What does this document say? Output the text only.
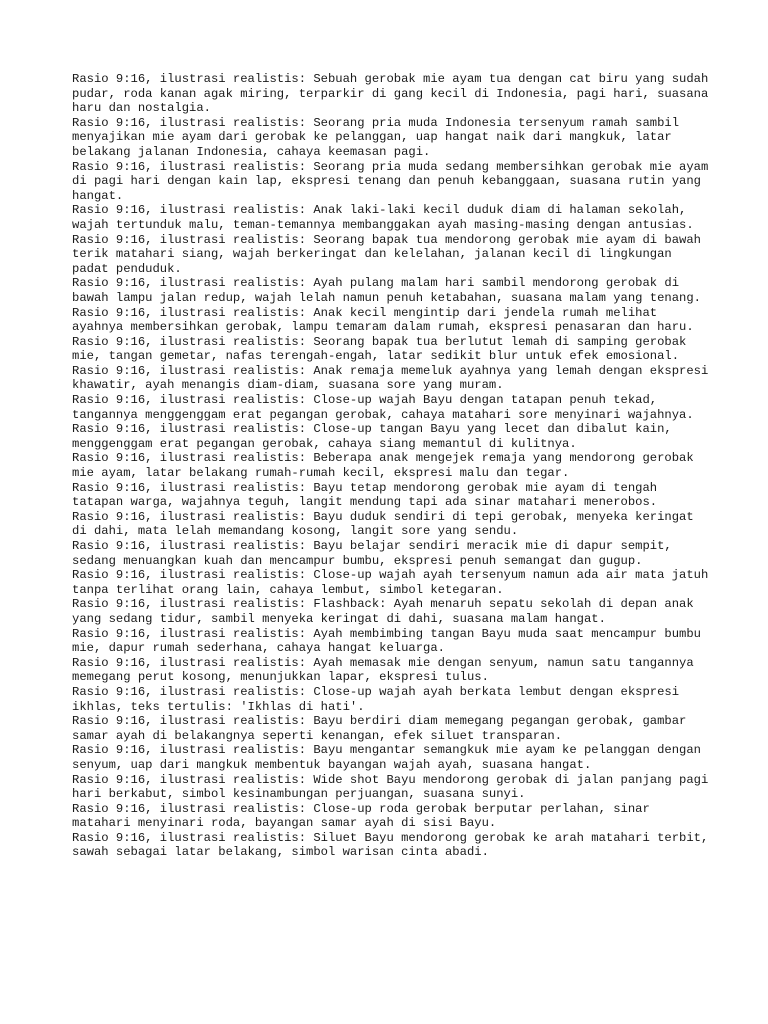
Rasio 9:16, ilustrasi realistis: Sebuah gerobak mie ayam tua dengan cat biru yang sudah pudar, roda kanan agak miring, terparkir di gang kecil di Indonesia, pagi hari, suasana haru dan nostalgia.

Rasio 9:16, ilustrasi realistis: Seorang pria muda Indonesia tersenyum ramah sambil menyajikan mie ayam dari gerobak ke pelanggan, uap hangat naik dari mangkuk, latar belakang jalanan Indonesia, cahaya keemasan pagi.

Rasio 9:16, ilustrasi realistis: Seorang pria muda sedang membersihkan gerobak mie ayam di pagi hari dengan kain lap, ekspresi tenang dan penuh kebanggaan, suasana rutin yang hangat.

Rasio 9:16, ilustrasi realistis: Anak laki-laki kecil duduk diam di halaman sekolah, wajah tertunduk malu, teman-temannya membanggakan ayah masing-masing dengan antusias.

Rasio 9:16, ilustrasi realistis: Seorang bapak tua mendorong gerobak mie ayam di bawah terik matahari siang, wajah berkeringat dan kelelahan, jalanan kecil di lingkungan padat penduduk.

Rasio 9:16, ilustrasi realistis: Ayah pulang malam hari sambil mendorong gerobak di bawah lampu jalan redup, wajah lelah namun penuh ketabahan, suasana malam yang tenang.

Rasio 9:16, ilustrasi realistis: Anak kecil mengintip dari jendela rumah melihat ayahnya membersihkan gerobak, lampu temaram dalam rumah, ekspresi penasaran dan haru.

Rasio 9:16, ilustrasi realistis: Seorang bapak tua berlutut lemah di samping gerobak mie, tangan gemetar, nafas terengah-engah, latar sedikit blur untuk efek emosional.

Rasio 9:16, ilustrasi realistis: Anak remaja memeluk ayahnya yang lemah dengan ekspresi khawatir, ayah menangis diam-diam, suasana sore yang muram.

Rasio 9:16, ilustrasi realistis: Close-up wajah Bayu dengan tatapan penuh tekad, tangannya menggenggam erat pegangan gerobak, cahaya matahari sore menyinari wajahnya.

Rasio 9:16, ilustrasi realistis: Close-up tangan Bayu yang lecet dan dibalut kain, menggenggam erat pegangan gerobak, cahaya siang memantul di kulitnya.

Rasio 9:16, ilustrasi realistis: Beberapa anak mengejek remaja yang mendorong gerobak mie ayam, latar belakang rumah-rumah kecil, ekspresi malu dan tegar.

Rasio 9:16, ilustrasi realistis: Bayu tetap mendorong gerobak mie ayam di tengah tatapan warga, wajahnya teguh, langit mendung tapi ada sinar matahari menerobos.

Rasio 9:16, ilustrasi realistis: Bayu duduk sendiri di tepi gerobak, menyeka keringat di dahi, mata lelah memandang kosong, langit sore yang sendu.

Rasio 9:16, ilustrasi realistis: Bayu belajar sendiri meracik mie di dapur sempit, sedang menuangkan kuah dan mencampur bumbu, ekspresi penuh semangat dan gugup.

Rasio 9:16, ilustrasi realistis: Close-up wajah ayah tersenyum namun ada air mata jatuh tanpa terlihat orang lain, cahaya lembut, simbol ketegaran.

Rasio 9:16, ilustrasi realistis: Flashback: Ayah menaruh sepatu sekolah di depan anak yang sedang tidur, sambil menyeka keringat di dahi, suasana malam hangat.

Rasio 9:16, ilustrasi realistis: Ayah membimbing tangan Bayu muda saat mencampur bumbu mie, dapur rumah sederhana, cahaya hangat keluarga.

Rasio 9:16, ilustrasi realistis: Ayah memasak mie dengan senyum, namun satu tangannya memegang perut kosong, menunjukkan lapar, ekspresi tulus.

Rasio 9:16, ilustrasi realistis: Close-up wajah ayah berkata lembut dengan ekspresi ikhlas, teks tertulis: 'Ikhlas di hati'.

Rasio 9:16, ilustrasi realistis: Bayu berdiri diam memegang pegangan gerobak, gambar samar ayah di belakangnya seperti kenangan, efek siluet transparan.

Rasio 9:16, ilustrasi realistis: Bayu mengantar semangkuk mie ayam ke pelanggan dengan senyum, uap dari mangkuk membentuk bayangan wajah ayah, suasana hangat.

Rasio 9:16, ilustrasi realistis: Wide shot Bayu mendorong gerobak di jalan panjang pagi hari berkabut, simbol kesinambungan perjuangan, suasana sunyi.

Rasio 9:16, ilustrasi realistis: Close-up roda gerobak berputar perlahan, sinar matahari menyinari roda, bayangan samar ayah di sisi Bayu.

Rasio 9:16, ilustrasi realistis: Siluet Bayu mendorong gerobak ke arah matahari terbit, sawah sebagai latar belakang, simbol warisan cinta abadi.
